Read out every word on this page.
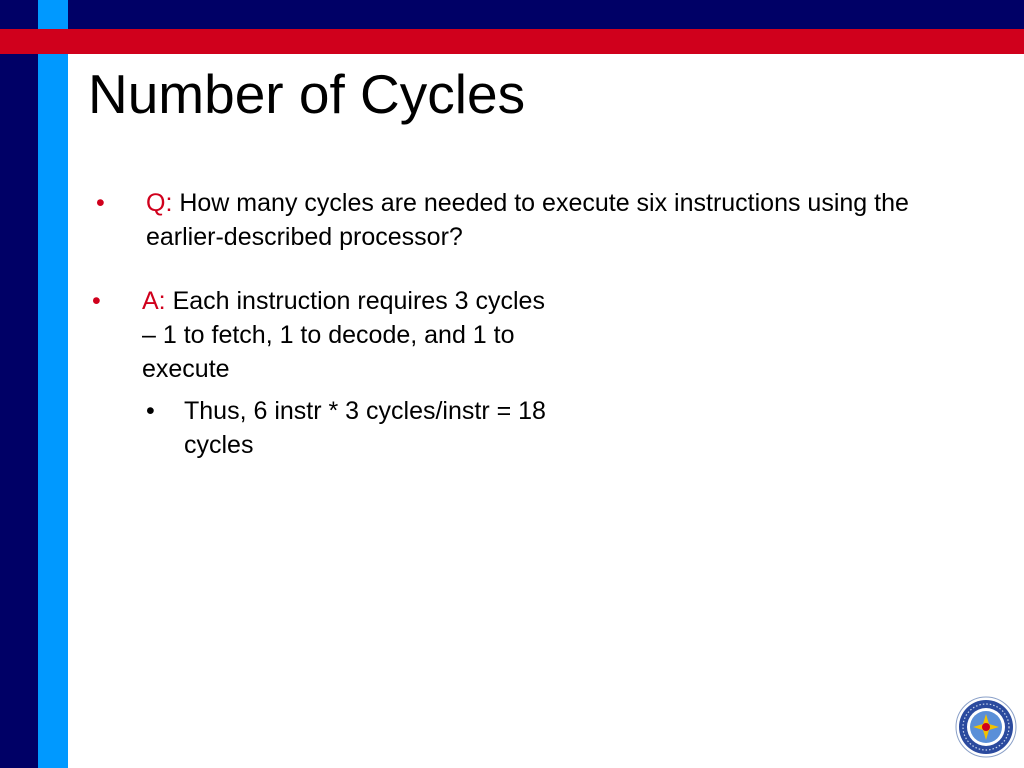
Number of Cycles
• Q: How many cycles are needed to execute six instructions using the earlier-described processor?
• A: Each instruction requires 3 cycles – 1 to fetch, 1 to decode, and 1 to execute
• Thus, 6 instr * 3 cycles/instr = 18 cycles
